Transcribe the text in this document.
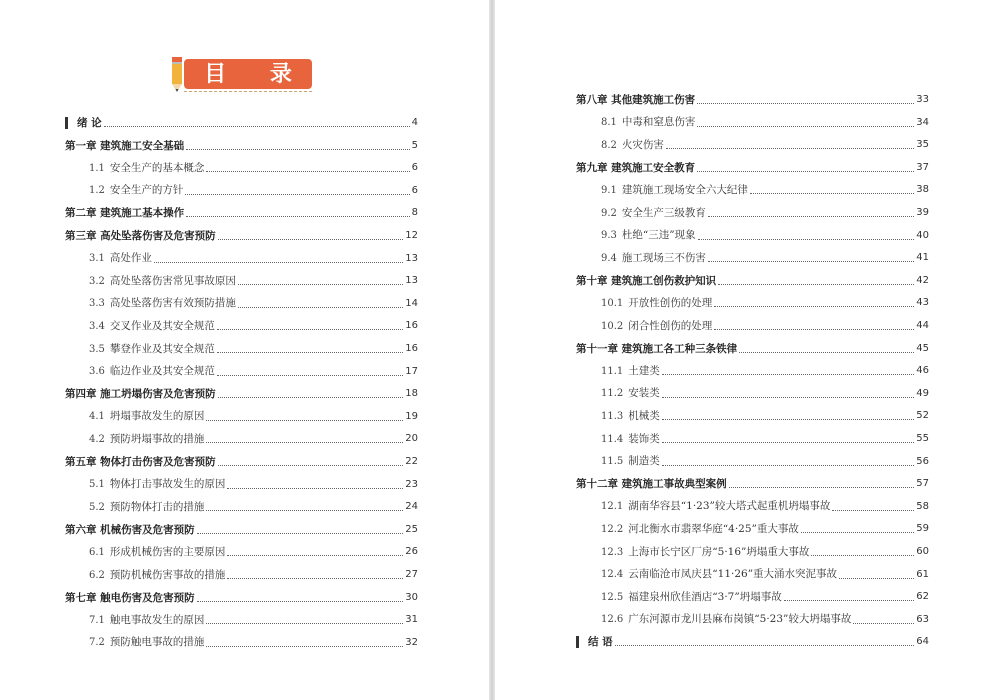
目 录
绪 论	4
第一章 建筑施工安全基础	5
1.1 安全生产的基本概念	6
1.2 安全生产的方针	6
第二章 建筑施工基本操作	8
第三章 高处坠落伤害及危害预防	12
3.1 高处作业	13
3.2 高处坠落伤害常见事故原因	13
3.3 高处坠落伤害有效预防措施	14
3.4 交叉作业及其安全规范	16
3.5 攀登作业及其安全规范	16
3.6 临边作业及其安全规范	17
第四章 施工坍塌伤害及危害预防	18
4.1 坍塌事故发生的原因	19
4.2 预防坍塌事故的措施	20
第五章 物体打击伤害及危害预防	22
5.1 物体打击事故发生的原因	23
5.2 预防物体打击的措施	24
第六章 机械伤害及危害预防	25
6.1 形成机械伤害的主要原因	26
6.2 预防机械伤害事故的措施	27
第七章 触电伤害及危害预防	30
7.1 触电事故发生的原因	31
7.2 预防触电事故的措施	32
第八章 其他建筑施工伤害	33
8.1 中毒和窒息伤害	34
8.2 火灾伤害	35
第九章 建筑施工安全教育	37
9.1 建筑施工现场安全六大纪律	38
9.2 安全生产三级教育	39
9.3 杜绝“三违”现象	40
9.4 施工现场三不伤害	41
第十章 建筑施工创伤救护知识	42
10.1 开放性创伤的处理	43
10.2 闭合性创伤的处理	44
第十一章 建筑施工各工种三条铁律	45
11.1 土建类	46
11.2 安装类	49
11.3 机械类	52
11.4 装饰类	55
11.5 制造类	56
第十二章 建筑施工事故典型案例	57
12.1 湖南华容县“1·23”较大塔式起重机坍塌事故	58
12.2 河北衡水市翡翠华庭“4·25”重大事故	59
12.3 上海市长宁区厂房“5·16”坍塌重大事故	60
12.4 云南临沧市凤庆县“11·26”重大涌水突泥事故	61
12.5 福建泉州欣佳酒店“3·7”坍塌事故	62
12.6 广东河源市龙川县麻布岗镇“5·23”较大坍塌事故	63
结 语	64
